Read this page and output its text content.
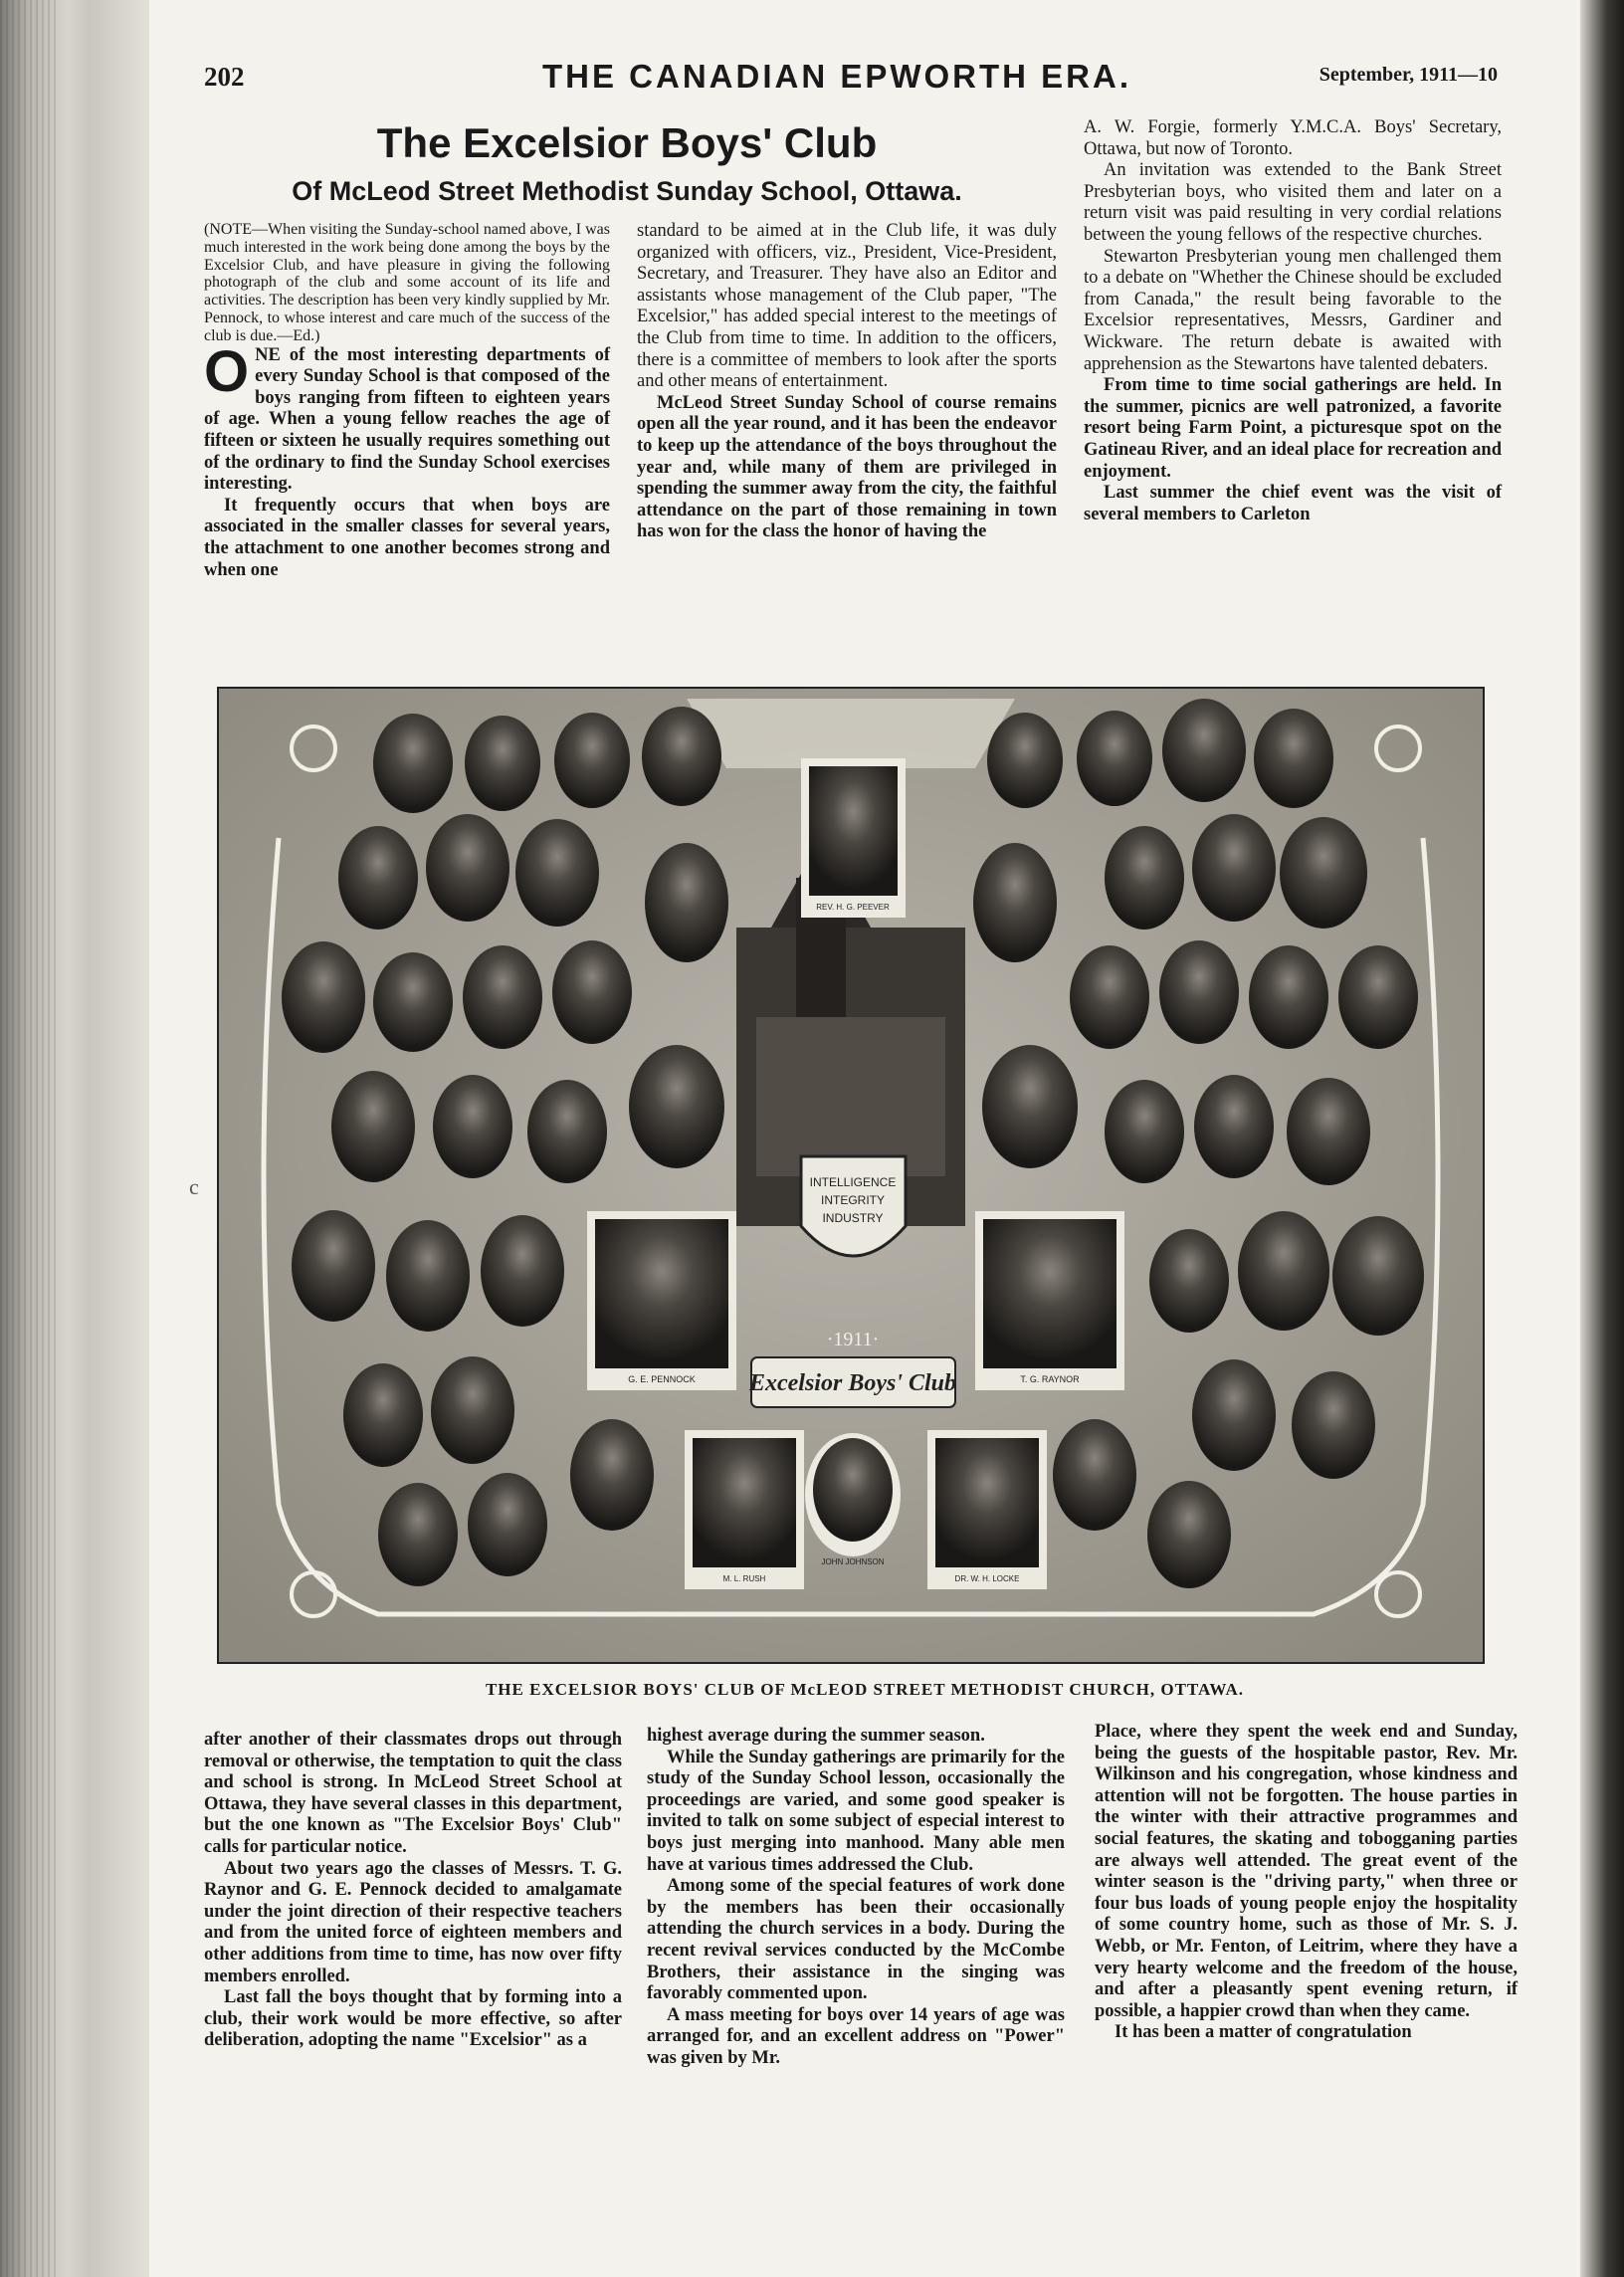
202	THE CANADIAN EPWORTH ERA.	September, 1911—10
The Excelsior Boys' Club
Of McLeod Street Methodist Sunday School, Ottawa.

(NOTE—When visiting the Sunday-school named above, I was much interested in the work being done among the boys by the Excelsior Club, and have pleasure in giving the following photograph of the club and some account of its life and activities. The description has been very kindly supplied by Mr. Pennock, to whose interest and care much of the success of the club is due.—Ed.)

ONE of the most interesting departments of every Sunday School is that composed of the boys ranging from fifteen to eighteen years of age. When a young fellow reaches the age of fifteen or sixteen he usually requires something out of the ordinary to find the Sunday School exercises interesting.

It frequently occurs that when boys are associated in the smaller classes for several years, the attachment to one another becomes strong and when one

standard to be aimed at in the Club life, it was duly organized with officers, viz., President, Vice-President, Secretary, and Treasurer. They have also an Editor and assistants whose management of the Club paper, "The Excelsior," has added special interest to the meetings of the Club from time to time. In addition to the officers, there is a committee of members to look after the sports and other means of entertainment.

McLeod Street Sunday School of course remains open all the year round, and it has been the endeavor to keep up the attendance of the boys throughout the year and, while many of them are privileged in spending the summer away from the city, the faithful attendance on the part of those remaining in town has won for the class the honor of having the

A. W. Forgie, formerly Y.M.C.A. Boys' Secretary, Ottawa, but now of Toronto.

An invitation was extended to the Bank Street Presbyterian boys, who visited them and later on a return visit was paid resulting in very cordial relations between the young fellows of the respective churches.

Stewarton Presbyterian young men challenged them to a debate on "Whether the Chinese should be excluded from Canada," the result being favorable to the Excelsior representatives, Messrs, Gardiner and Wickware. The return debate is awaited with apprehension as the Stewartons have talented debaters.

From time to time social gatherings are held. In the summer, picnics are well patronized, a favorite resort being Farm Point, a picturesque spot on the Gatineau River, and an ideal place for recreation and enjoyment.

Last summer the chief event was the visit of several members to Carleton

c	INTELLIGENCE
INTEGRITY
INDUSTRY
·1911·
Excelsior Boys' Club
REV. H. G. PEEVER
G. E. PENNOCK	T. G. RAYNOR
M. L. RUSH	DR. W. H. LOCKE
JOHN JOHNSON
THE EXCELSIOR BOYS' CLUB OF McLEOD STREET METHODIST CHURCH, OTTAWA.

after another of their classmates drops out through removal or otherwise, the temptation to quit the class and school is strong. In McLeod Street School at Ottawa, they have several classes in this department, but the one known as "The Excelsior Boys' Club" calls for particular notice.

About two years ago the classes of Messrs. T. G. Raynor and G. E. Pennock decided to amalgamate under the joint direction of their respective teachers and from the united force of eighteen members and other additions from time to time, has now over fifty members enrolled.

Last fall the boys thought that by forming into a club, their work would be more effective, so after deliberation, adopting the name "Excelsior" as a

highest average during the summer season.

While the Sunday gatherings are primarily for the study of the Sunday School lesson, occasionally the proceedings are varied, and some good speaker is invited to talk on some subject of especial interest to boys just merging into manhood. Many able men have at various times addressed the Club.

Among some of the special features of work done by the members has been their occasionally attending the church services in a body. During the recent revival services conducted by the McCombe Brothers, their assistance in the singing was favorably commented upon.

A mass meeting for boys over 14 years of age was arranged for, and an excellent address on "Power" was given by Mr.

Place, where they spent the week end and Sunday, being the guests of the hospitable pastor, Rev. Mr. Wilkinson and his congregation, whose kindness and attention will not be forgotten. The house parties in the winter with their attractive programmes and social features, the skating and tobogganing parties are always well attended. The great event of the winter season is the "driving party," when three or four bus loads of young people enjoy the hospitality of some country home, such as those of Mr. S. J. Webb, or Mr. Fenton, of Leitrim, where they have a very hearty welcome and the freedom of the house, and after a pleasantly spent evening return, if possible, a happier crowd than when they came.

It has been a matter of congratulation
